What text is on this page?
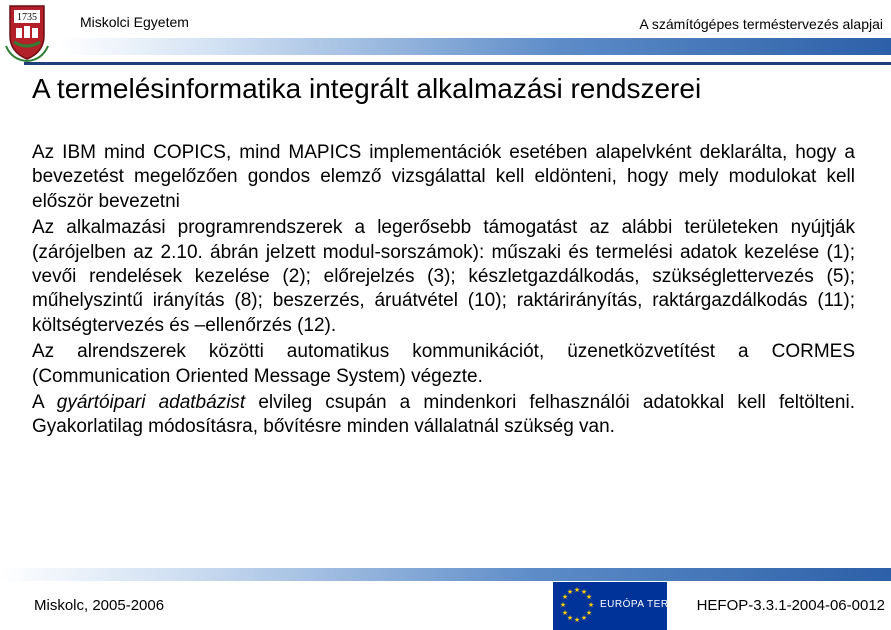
1735	Miskolci Egyetem	A számítógépes terméstervezés alapjai
A termelésinformatika integrált alkalmazási rendszerei

Az IBM mind COPICS, mind MAPICS implementációk esetében alapelvként deklarálta, hogy a bevezetést megelőzően gondos elemző vizsgálattal kell eldönteni, hogy mely modulokat kell először bevezetni

Az alkalmazási programrendszerek a legerősebb támogatást az alábbi területeken nyújtják (zárójelben az 2.10. ábrán jelzett modul-sorszámok): műszaki és termelési adatok kezelése (1); vevői rendelések kezelése (2); előrejelzés (3); készletgazdálkodás, szükséglettervezés (5); műhelyszintű irányítás (8); beszerzés, áruátvétel (10); raktárirányítás, raktárgazdálkodás (11); költségtervezés és –ellenőrzés (12).

Az alrendszerek közötti automatikus kommunikációt, üzenetközvetítést a CORMES (Communication Oriented Message System) végezte.

A gyártóipari adatbázist elvileg csupán a mindenkori felhasználói adatokkal kell feltölteni. Gyakorlatilag módosításra, bővítésre minden vállalatnál szükség van.

Miskolc, 2005-2006
★ ★
★
★
★
★
★
★
★
★
★
★
EURÓPA TERV HEFOP-3.3.1-2004-06-0012
